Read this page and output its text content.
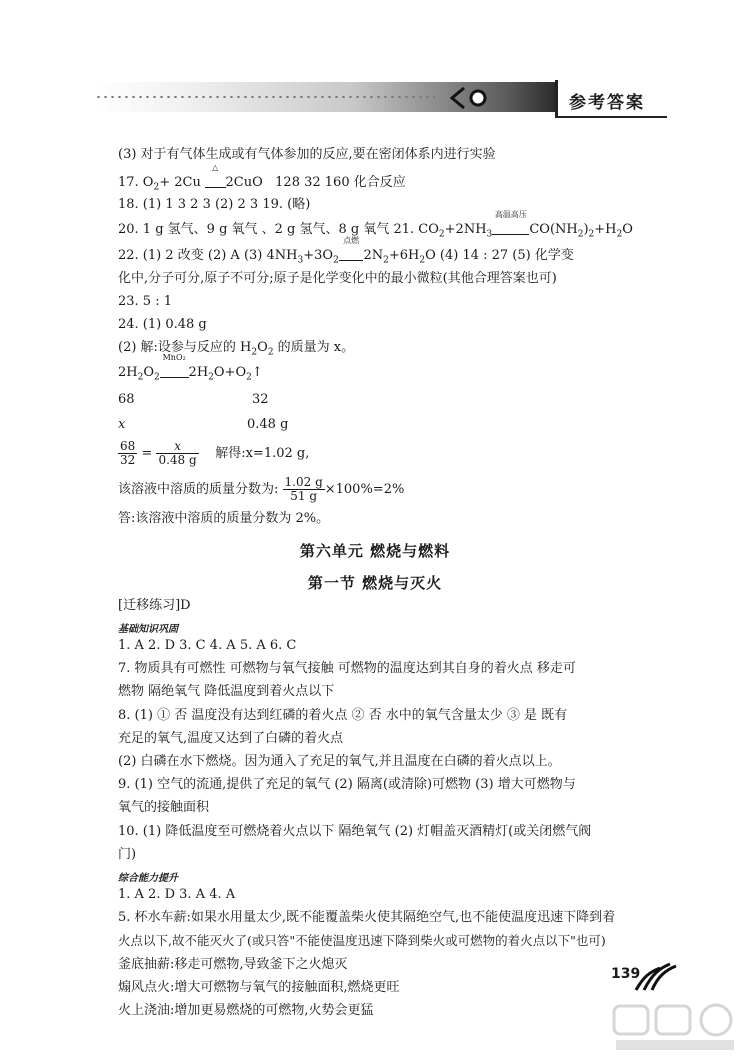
参考答案
(3) 对于有气体生成或有气体参加的反应,要在密闭体系内进行实验
17. $O_2+ 2Cu$
△
2CuO 128 32 160 化合反应
18. (1) 1 3 2 3 (2) 2 3 19. (略)
20. 1 g 氢气、9 g 氧气 、2 g 氢气、8 g 氧气 21. $CO_2+2NH_3$
高温高压
$CO(NH_2)_2+H_2O$
22. (1) 2 改变 (2) A (3) $4NH_3+3O_2$
点燃
$2N_2+6H_2O$ (4) 14 : 27 (5) 化学变
化中,分子可分,原子不可分;原子是化学变化中的最小微粒(其他合理答案也可)
23. 5 : 1
24. (1) 0.48 g
(2) 解:设参与反应的 $H_2O_2$ 的质量为 x。
$2H_2O_2$
MnO₂
$2H_2O+O_2↑$
68	32
x	0.48 g
$\frac{68}{32} = \frac{x}{0.48 g}$ 解得:x=1.02 g,
该溶液中溶质的质量分数为: $\frac{1.02 g}{51 g} \times 100\%=2\%$
答:该溶液中溶质的质量分数为 2%。
第六单元 燃烧与燃料
第一节 燃烧与灭火
[迁移练习]D
基础知识巩固
1. A 2. D 3. C 4. A 5. A 6. C
7. 物质具有可燃性 可燃物与氧气接触 可燃物的温度达到其自身的着火点 移走可
燃物 隔绝氧气 降低温度到着火点以下
8. (1) ① 否 温度没有达到红磷的着火点 ② 否 水中的氧气含量太少 ③ 是 既有
充足的氧气,温度又达到了白磷的着火点
(2) 白磷在水下燃烧。因为通入了充足的氧气,并且温度在白磷的着火点以上。
9. (1) 空气的流通,提供了充足的氧气 (2) 隔离(或清除)可燃物 (3) 增大可燃物与
氧气的接触面积
10. (1) 降低温度至可燃烧着火点以下 隔绝氧气 (2) 灯帽盖灭酒精灯(或关闭燃气阀
门)
综合能力提升
1. A 2. D 3. A 4. A
5. 杯水车薪:如果水用量太少,既不能覆盖柴火使其隔绝空气,也不能使温度迅速下降到着
火点以下,故不能灭火了(或只答"不能使温度迅速下降到柴火或可燃物的着火点以下"也可)
釜底抽薪:移走可燃物,导致釜下之火熄灭
煽风点火:增大可燃物与氧气的接触面积,燃烧更旺
火上浇油:增加更易燃烧的可燃物,火势会更猛
139
